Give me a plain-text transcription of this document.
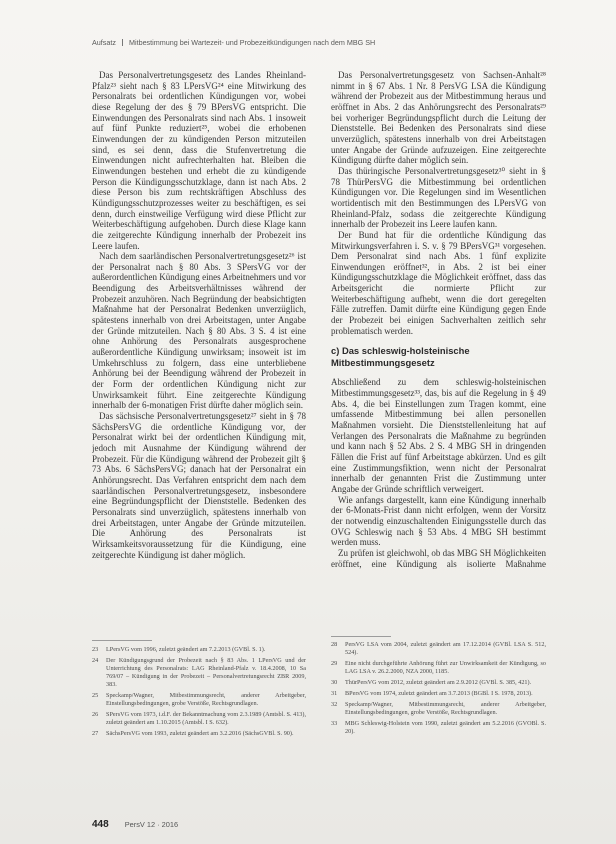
Aufsatz Mitbestimmung bei Wartezeit- und Probezeitkündigungen nach dem MBG SH

Das Personalvertretungsgesetz des Landes Rheinland-Pfalz²³ sieht nach § 83 LPersVG²⁴ eine Mitwirkung des Personalrats bei ordentlichen Kündigungen vor, wobei diese Regelung der des § 79 BPersVG entspricht. Die Einwendungen des Personalrats sind nach Abs. 1 insoweit auf fünf Punkte reduziert²⁵, wobei die erhobenen Einwendungen der zu kündigenden Person mitzuteilen sind, es sei denn, dass die Stufenvertretung die Einwendungen nicht aufrechterhalten hat. Bleiben die Einwendungen bestehen und erhebt die zu kündigende Person die Kündigungsschutzklage, dann ist nach Abs. 2 diese Person bis zum rechtskräftigen Abschluss des Kündigungsschutzprozesses weiter zu beschäftigen, es sei denn, durch einstweilige Verfügung wird diese Pflicht zur Weiterbeschäftigung aufgehoben. Durch diese Klage kann die zeitgerechte Kündigung innerhalb der Probezeit ins Leere laufen.

Nach dem saarländischen Personalvertretungsgesetz²⁶ ist der Personalrat nach § 80 Abs. 3 SPersVG vor der außerordentlichen Kündigung eines Arbeitnehmers und vor Beendigung des Arbeitsverhältnisses während der Probezeit anzuhören. Nach Begründung der beabsichtigten Maßnahme hat der Personalrat Bedenken unverzüglich, spätestens innerhalb von drei Arbeitstagen, unter Angabe der Gründe mitzuteilen. Nach § 80 Abs. 3 S. 4 ist eine ohne Anhörung des Personalrats ausgesprochene außerordentliche Kündigung unwirksam; insoweit ist im Umkehrschluss zu folgern, dass eine unterbliebene Anhörung bei der Beendigung während der Probezeit in der Form der ordentlichen Kündigung nicht zur Unwirksamkeit führt. Eine zeitgerechte Kündigung innerhalb der 6-monatigen Frist dürfte daher möglich sein.

Das sächsische Personalvertretungsgesetz²⁷ sieht in § 78 SächsPersVG die ordentliche Kündigung vor, der Personalrat wirkt bei der ordentlichen Kündigung mit, jedoch mit Ausnahme der Kündigung während der Probezeit. Für die Kündigung während der Probezeit gilt § 73 Abs. 6 SächsPersVG; danach hat der Personalrat ein Anhörungsrecht. Das Verfahren entspricht dem nach dem saarländischen Personalvertretungsgesetz, insbesondere eine Begründungspflicht der Dienststelle. Bedenken des Personalrats sind unverzüglich, spätestens innerhalb von drei Arbeitstagen, unter Angabe der Gründe mitzuteilen. Die Anhörung des Personalrats ist Wirksamkeitsvoraussetzung für die Kündigung, eine zeitgerechte Kündigung ist daher möglich.

Das Personalvertretungsgesetz von Sachsen-Anhalt²⁸ nimmt in § 67 Abs. 1 Nr. 8 PersVG LSA die Kündigung während der Probezeit aus der Mitbestimmung heraus und eröffnet in Abs. 2 das Anhörungsrecht des Personalrats²⁹ bei vorheriger Begründungspflicht durch die Leitung der Dienststelle. Bei Bedenken des Personalrats sind diese unverzüglich, spätestens innerhalb von drei Arbeitstagen unter Angabe der Gründe aufzuzeigen. Eine zeitgerechte Kündigung dürfte daher möglich sein.

Das thüringische Personalvertretungsgesetz³⁰ sieht in § 78 ThürPersVG die Mitbestimmung bei ordentlichen Kündigungen vor. Die Regelungen sind im Wesentlichen wortidentisch mit den Bestimmungen des LPersVG von Rheinland-Pfalz, sodass die zeitgerechte Kündigung innerhalb der Probezeit ins Leere laufen kann.

Der Bund hat für die ordentliche Kündigung das Mitwirkungsverfahren i. S. v. § 79 BPersVG³¹ vorgesehen. Dem Personalrat sind nach Abs. 1 fünf explizite Einwendungen eröffnet³², in Abs. 2 ist bei einer Kündigungsschutzklage die Möglichkeit eröffnet, dass das Arbeitsgericht die normierte Pflicht zur Weiterbeschäftigung aufhebt, wenn die dort geregelten Fälle zutreffen. Damit dürfte eine Kündigung gegen Ende der Probezeit bei einigen Sachverhalten zeitlich sehr problematisch werden.

c) Das schleswig-holsteinische Mitbestimmungsgesetz

Abschließend zu dem schleswig-holsteinischen Mitbestimmungsgesetz³³, das, bis auf die Regelung in § 49 Abs. 4, die bei Einstellungen zum Tragen kommt, eine umfassende Mitbestimmung bei allen personellen Maßnahmen vorsieht. Die Dienststellenleitung hat auf Verlangen des Personalrats die Maßnahme zu begründen und kann nach § 52 Abs. 2 S. 4 MBG SH in dringenden Fällen die Frist auf fünf Arbeitstage abkürzen. Und es gilt eine Zustimmungsfiktion, wenn nicht der Personalrat innerhalb der genannten Frist die Zustimmung unter Angabe der Gründe schriftlich verweigert.

Wie anfangs dargestellt, kann eine Kündigung innerhalb der 6-Monats-Frist dann nicht erfolgen, wenn der Vorsitz der notwendig einzuschaltenden Einigungsstelle durch das OVG Schleswig nach § 53 Abs. 4 MBG SH bestimmt werden muss.

Zu prüfen ist gleichwohl, ob das MBG SH Möglichkeiten eröffnet, eine Kündigung als isolierte Maßnahme

23	LPersVG vom 1996, zuletzt geändert am 7.2.2013 (GVBl. S. 1).
24	Der Kündigungsgrund der Probezeit nach § 83 Abs. 1 LPersVG und der Unterrichtung des Personalrats: LAG Rheinland-Pfalz v. 18.4.2008, 10 Sa 769/07 – Kündigung in der Probezeit – Personalvertretungsrecht ZBR 2009, 383.
25	Speckamp/Wagner, Mitbestimmungsrecht, anderer Arbeitgeber, Einstellungsbedingungen, grobe Verstöße, Rechtsgrundlagen.
26	SPersVG vom 1973, i.d.F. der Bekanntmachung vom 2.3.1989 (Amtsbl. S. 413), zuletzt geändert am 1.10.2015 (Amtsbl. I S. 632).
27	SächsPersVG vom 1993, zuletzt geändert am 3.2.2016 (SächsGVBl. S. 90).
28	PersVG LSA vom 2004, zuletzt geändert am 17.12.2014 (GVBl. LSA S. 512, 524).
29	Eine nicht durchgeführte Anhörung führt zur Unwirksamkeit der Kündigung, so LAG LSA v. 26.2.2000, NZA 2000, 1185.
30	ThürPersVG vom 2012, zuletzt geändert am 2.9.2012 (GVBl. S. 385, 421).
31	BPersVG vom 1974, zuletzt geändert am 3.7.2013 (BGBl. I S. 1978, 2013).
32	Speckamp/Wagner, Mitbestimmungsrecht, anderer Arbeitgeber, Einstellungsbedingungen, grobe Verstöße, Rechtsgrundlagen.
33	MBG Schleswig-Holstein vom 1990, zuletzt geändert am 5.2.2016 (GVOBl. S. 20).
448 PersV 12 · 2016
